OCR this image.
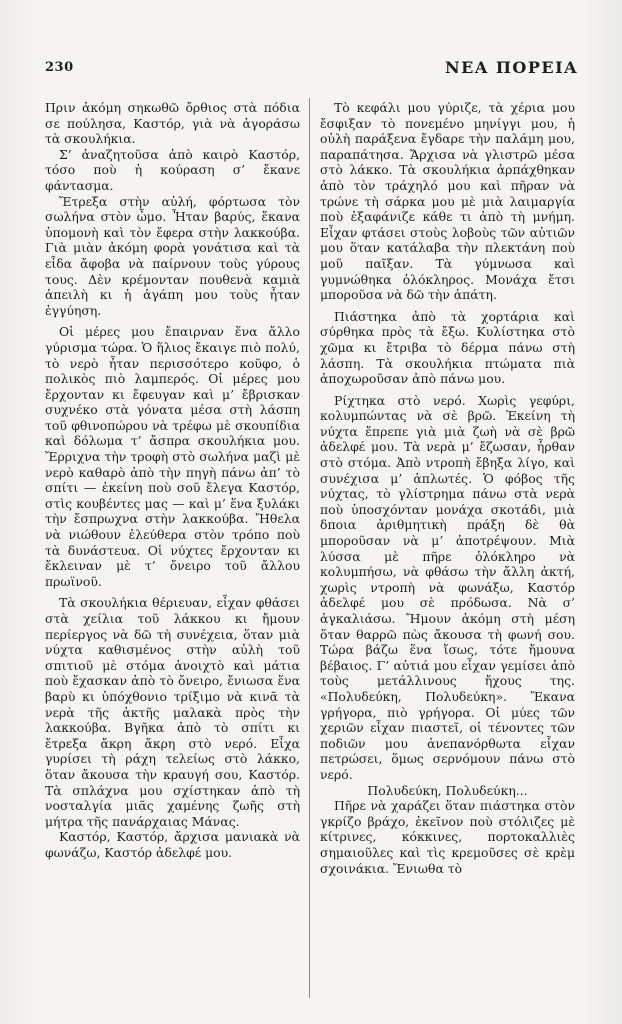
230	ΝΕΑ ΠΟΡΕΙΑ

Πριν ἀκόμη σηκωθῶ ὄρθιος στὰ πόδια σε πούλησα, Καστόρ, γιὰ νὰ ἀγοράσω τὰ σκουλήκια.

Σ’ ἀναζητοῦσα ἀπὸ καιρὸ Καστόρ, τόσο ποὺ ἡ κούραση σ’ ἔκανε φάντασμα.

Ἔτρεξα στὴν αὐλή, φόρτωσα τὸν σωλήνα στὸν ὦμο. Ἦταν βαρύς, ἔκανα ὑπομονὴ καὶ τὸν ἔφερα στὴν λακκούβα. Γιὰ μιὰν ἀκόμη φορὰ γονάτισα καὶ τὰ εἶδα ἄφοβα νὰ παίρνουν τοὺς γύρους τους. Δὲν κρέμονταν πουθενὰ καμιὰ ἀπειλὴ κι ἡ ἀγάπη μου τοὺς ἦταν ἐγγύηση.

Οἱ μέρες μου ἔπαιρναν ἕνα ἄλλο γύρισμα τώρα. Ὁ ἥλιος ἔκαιγε πιὸ πολύ, τὸ νερὸ ἦταν περισσότερο κοῦφο, ὁ πολικὸς πιὸ λαμπερός. Οἱ μέρες μου ἔρχονταν κι ἔφευγαν καὶ μ’ ἔβρισκαν συχνέκο στὰ γόνατα μέσα στὴ λάσπη τοῦ φθινοπώρου νὰ τρέφω μὲ σκουπίδια καὶ δόλωμα τ’ ἄσπρα σκουλήκια μου. Ἔρριχνα τὴν τροφὴ στὸ σωλήνα μαζὶ μὲ νερὸ καθαρὸ ἀπὸ τὴν πηγὴ πάνω ἀπ’ τὸ σπίτι — ἐκείνη ποὺ σοῦ ἔλεγα Καστόρ, στὶς κουβέντες μας — καὶ μ’ ἕνα ξυλάκι τὴν ἔσπρωχνα στὴν λακκούβα. Ἤθελα νὰ νιώθουν ἐλεύθερα στὸν τρόπο ποὺ τὰ δυνάστευα. Οἱ νύχτες ἔρχονταν κι ἔκλειναν μὲ τ’ ὄνειρο τοῦ ἄλλου πρωϊνοῦ.

Τὰ σκουλήκια θέριευαν, εἶχαν φθάσει στὰ χείλια τοῦ λάκκου κι ἤμουν περίεργος νὰ δῶ τὴ συνέχεια, ὅταν μιὰ νύχτα καθισμένος στὴν αὐλὴ τοῦ σπιτιοῦ μὲ στόμα ἀνοιχτὸ καὶ μάτια ποὺ ἔχασκαν ἀπὸ τὸ ὄνειρο, ἔνιωσα ἕνα βαρὺ κι ὑπόχθονιο τρίξιμο νὰ κινᾶ τὰ νερὰ τῆς ἀκτῆς μαλακὰ πρὸς τὴν λακκούβα. Βγῆκα ἀπὸ τὸ σπίτι κι ἔτρεξα ἄκρη ἄκρη στὸ νερό. Εἶχα γυρίσει τὴ ράχη τελείως στὸ λάκκο, ὅταν ἄκουσα τὴν κραυγή σου, Καστόρ. Τὰ σπλάχνα μου σχίστηκαν ἀπὸ τὴ νοσταλγία μιᾶς χαμένης ζωῆς στὴ μήτρα τῆς πανάρχαιας Μάνας.

Καστόρ, Καστόρ, ἄρχισα μανιακὰ νὰ φωνάζω, Καστόρ ἀδελφέ μου.

Τὸ κεφάλι μου γύριζε, τὰ χέρια μου ἔσφιξαν τὸ πονεμένο μηνίγγι μου, ἡ οὐλὴ παράξενα ἔγδαρε τὴν παλάμη μου, παραπάτησα. Ἄρχισα νὰ γλιστρῶ μέσα στὸ λάκκο. Τὰ σκουλήκια ἁρπάχθηκαν ἀπὸ τὸν τράχηλό μου καὶ πῆραν νὰ τρώνε τὴ σάρκα μου μὲ μιὰ λαιμαργία ποὺ ἐξαφάνιζε κάθε τι ἀπὸ τὴ μνήμη. Εἶχαν φτάσει στοὺς λοβοὺς τῶν αὐτιῶν μου ὅταν κατάλαβα τὴν πλεκτάνη ποὺ μοῦ παῖξαν. Τὰ γύμνωσα καὶ γυμνώθηκα ὁλόκληρος. Μονάχα ἔτσι μποροῦσα νὰ δῶ τὴν ἀπάτη.

Πιάστηκα ἀπὸ τὰ χορτάρια καὶ σύρθηκα πρὸς τὰ ἔξω. Κυλίστηκα στὸ χῶμα κι ἔτριβα τὸ δέρμα πάνω στὴ λάσπη. Τὰ σκουλήκια πτώματα πιὰ ἀποχωροῦσαν ἀπὸ πάνω μου.

Ρίχτηκα στὸ νερό. Χωρὶς γεφύρι, κολυμπώντας νὰ σὲ βρῶ. Ἐκείνη τὴ νύχτα ἔπρεπε γιὰ μιὰ ζωὴ νὰ σὲ βρῶ ἀδελφέ μου. Τὰ νερὰ μ’ ἔζωσαν, ἦρθαν στὸ στόμα. Ἀπὸ ντροπὴ ἔβηξα λίγο, καὶ συνέχισα μ’ ἀπλωτές. Ὁ φόβος τῆς νύχτας, τὸ γλίστρημα πάνω στὰ νερὰ ποὺ ὑποσχόνταν μονάχα σκοτάδι, μιὰ δποια ἀριθμητικὴ πράξη δὲ θὰ μποροῦσαν νὰ μ’ ἀποτρέψουν. Μιὰ λύσσα μὲ πῆρε ὁλόκληρο νὰ κολυμπήσω, νὰ φθάσω τὴν ἄλλη ἀκτή, χωρὶς ντροπὴ νὰ φωνάξω, Καστόρ ἀδελφέ μου σὲ πρόδωσα. Νὰ σ’ ἀγκαλιάσω. Ἤμουν ἀκόμη στὴ μέση ὅταν θαρρῶ πὼς ἄκουσα τὴ φωνή σου. Τώρα βάζω ἕνα ἴσως, τότε ἤμουνα βέβαιος. Γ’ αὐτιά μου εἶχαν γεμίσει ἀπὸ τοὺς μετάλλινους ἤχους της. «Πολυδεύκη, Πολυδεύκη». Ἔκανα γρήγορα, πιὸ γρήγορα. Οἱ μύες τῶν χεριῶν εἶχαν πιαστεῖ, οἱ τένοντες τῶν ποδιῶν μου ἀνεπανόρθωτα εἶχαν πετρώσει, ὅμως σερνόμουν πάνω στὸ νερό.

Πολυδεύκη, Πολυδεύκη...

Πῆρε νὰ χαράζει ὅταν πιάστηκα στὸν γκρίζο βράχο, ἐκεῖνον ποὺ στόλιζες μὲ κίτρινες, κόκκινες, πορτοκαλλιὲς σημαιοῦλες καὶ τὶς κρεμοῦσες σὲ κρὲμ σχοινάκια. Ἔνιωθα τὸ
